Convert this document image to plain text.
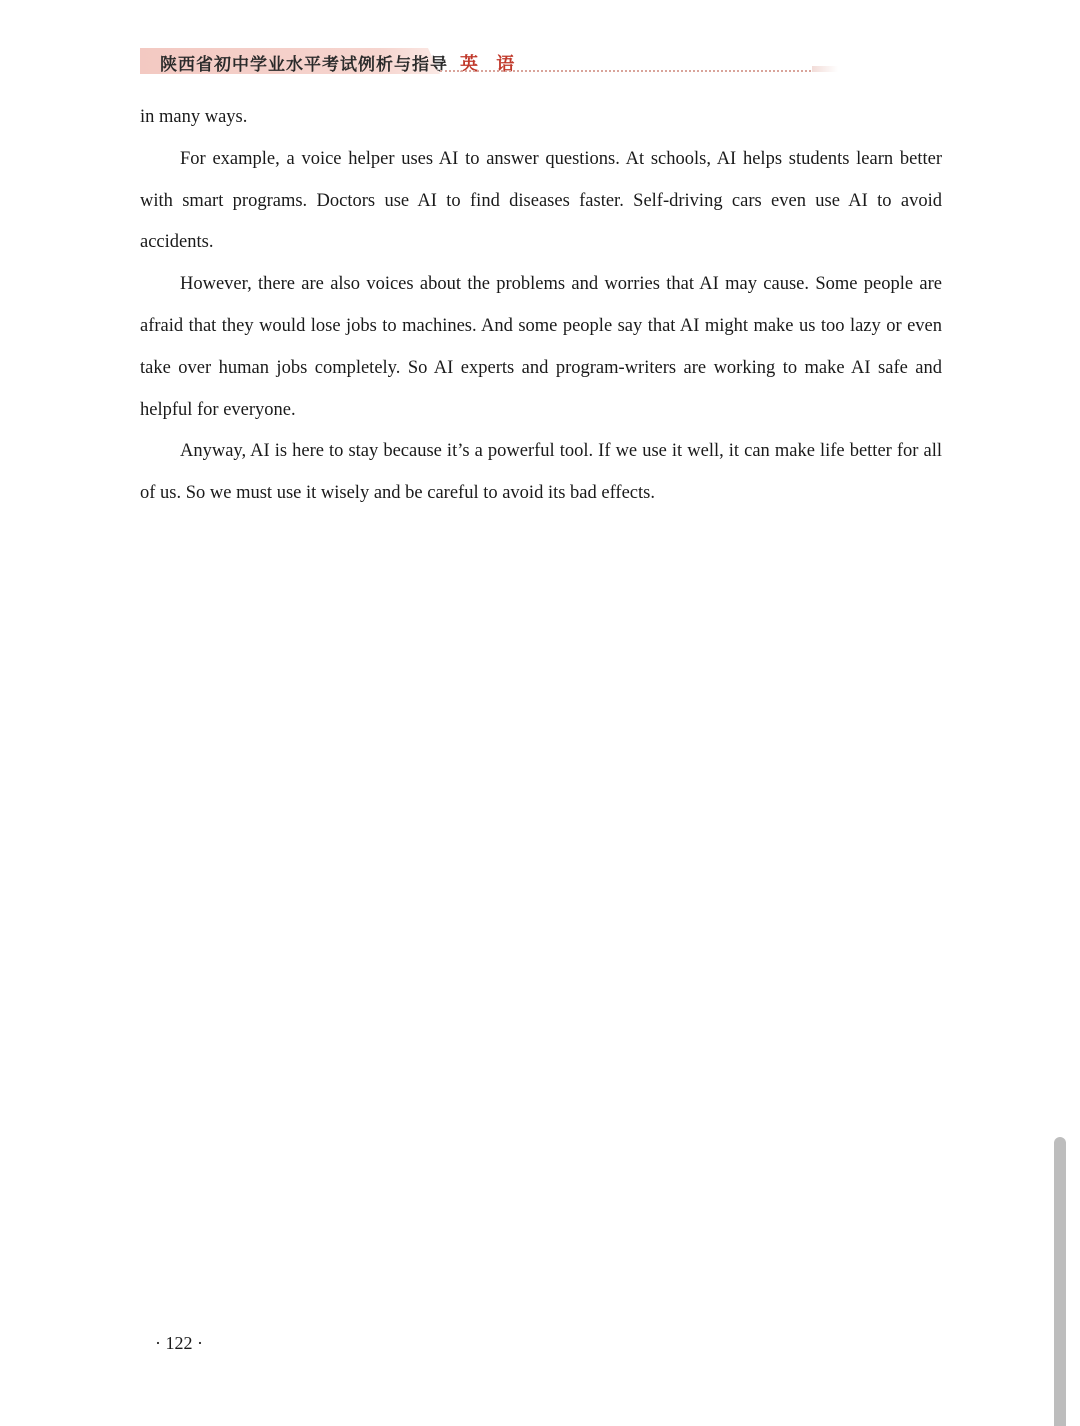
陕西省初中学业水平考试例析与指导 英 语

in many ways.

For example, a voice helper uses AI to answer questions. At schools, AI helps students learn better with smart programs. Doctors use AI to find diseases faster. Self-driving cars even use AI to avoid accidents.

However, there are also voices about the problems and worries that AI may cause. Some people are afraid that they would lose jobs to machines. And some people say that AI might make us too lazy or even take over human jobs completely. So AI experts and program-writers are working to make AI safe and helpful for everyone.

Anyway, AI is here to stay because it’s a powerful tool. If we use it well, it can make life better for all of us. So we must use it wisely and be careful to avoid its bad effects.

· 122 ·
